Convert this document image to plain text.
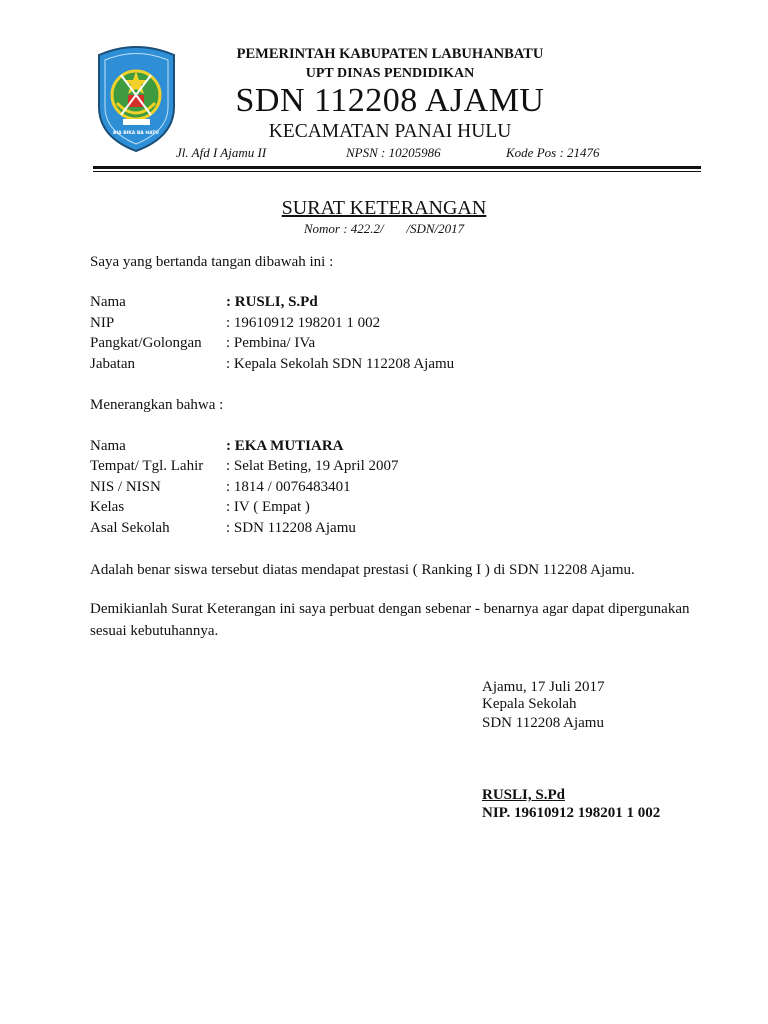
BIA BIKA BA HATU
PEMERINTAH KABUPATEN LABUHANBATU
UPT DINAS PENDIDIKAN
SDN 112208 AJAMU
KECAMATAN PANAI HULU
Jl. Afd I Ajamu II	NPSN : 10205986	Kode Pos : 21476
SURAT KETERANGAN
Nomor : 422.2/       /SDN/2017
Saya yang bertanda tangan dibawah ini :
Nama	: RUSLI, S.Pd
NIP	: 19610912 198201 1 002
Pangkat/Golongan : Pembina/ IVa
Jabatan	: Kepala Sekolah SDN 112208 Ajamu
Menerangkan bahwa :
Nama	: EKA MUTIARA
Tempat/ Tgl. Lahir : Selat Beting, 19 April 2007
NIS / NISN	: 1814 / 0076483401
Kelas	: IV ( Empat )
Asal Sekolah	: SDN 112208 Ajamu
Adalah benar siswa tersebut diatas mendapat prestasi ( Ranking I ) di SDN 112208 Ajamu.
Demikianlah Surat Keterangan ini saya perbuat dengan sebenar - benarnya agar dapat dipergunakan
sesuai kebutuhannya.
Ajamu, 17 Juli 2017
Kepala Sekolah
SDN 112208 Ajamu
RUSLI, S.Pd
NIP. 19610912 198201 1 002
